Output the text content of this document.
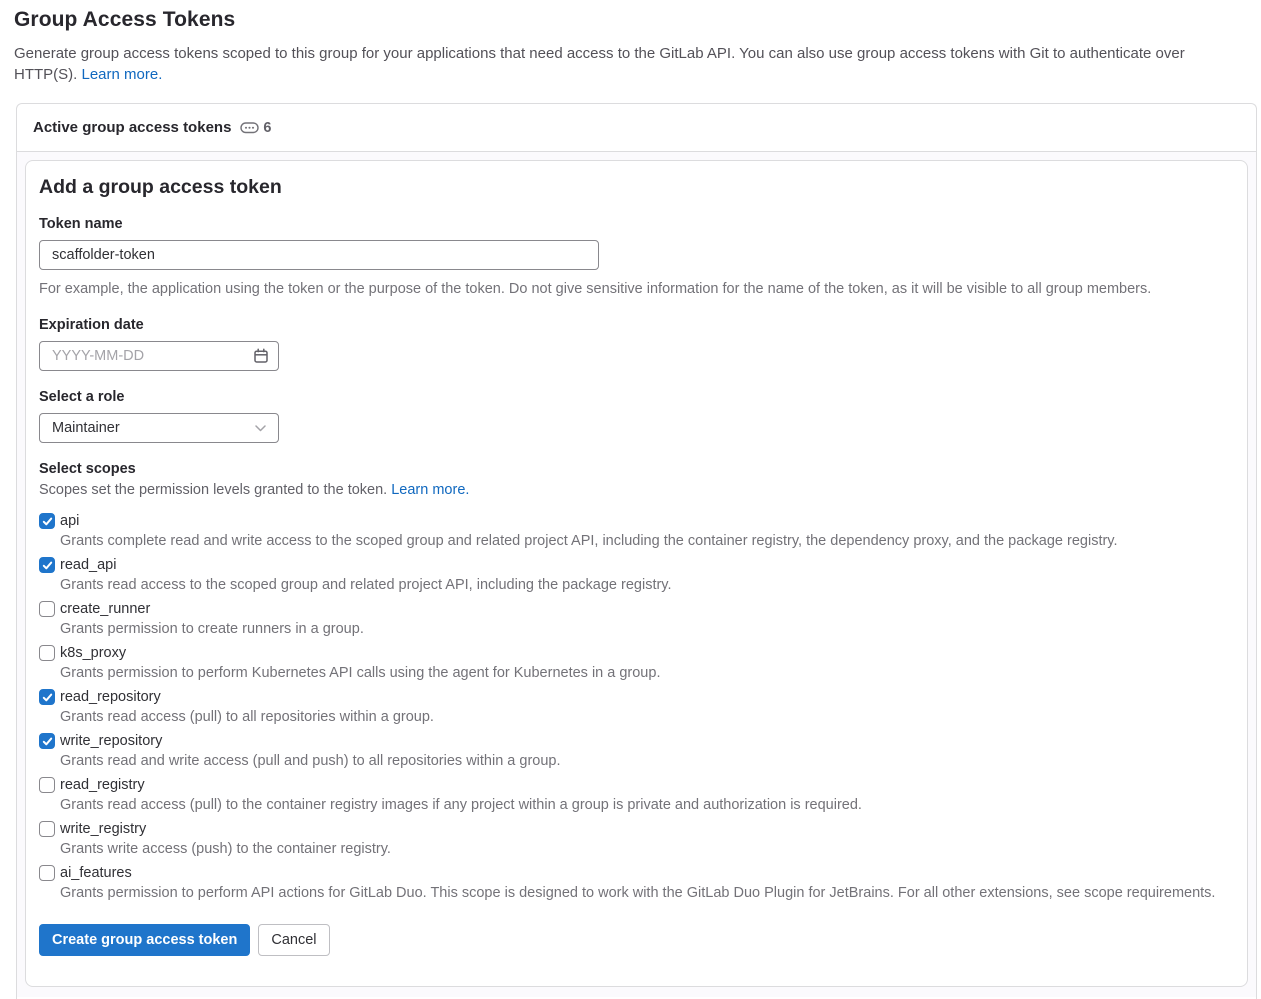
Group Access Tokens

Generate group access tokens scoped to this group for your applications that need access to the GitLab API. You can also use group access tokens with Git to authenticate over HTTP(S). Learn more.

Active group access tokens 6
Add a group access token
Token name
scaffolder-token
For example, the application using the token or the purpose of the token. Do not give sensitive information for the name of the token, as it will be visible to all group members.
Expiration date
YYYY-MM-DD
Select a role
Maintainer
Select scopes
Scopes set the permission levels granted to the token. Learn more.
api
Grants complete read and write access to the scoped group and related project API, including the container registry, the dependency proxy, and the package registry.
read_api
Grants read access to the scoped group and related project API, including the package registry.
create_runner
Grants permission to create runners in a group.
k8s_proxy
Grants permission to perform Kubernetes API calls using the agent for Kubernetes in a group.
read_repository
Grants read access (pull) to all repositories within a group.
write_repository
Grants read and write access (pull and push) to all repositories within a group.
read_registry
Grants read access (pull) to the container registry images if any project within a group is private and authorization is required.
write_registry
Grants write access (push) to the container registry.
ai_features
Grants permission to perform API actions for GitLab Duo. This scope is designed to work with the GitLab Duo Plugin for JetBrains. For all other extensions, see scope requirements.
Create group access token	Cancel
